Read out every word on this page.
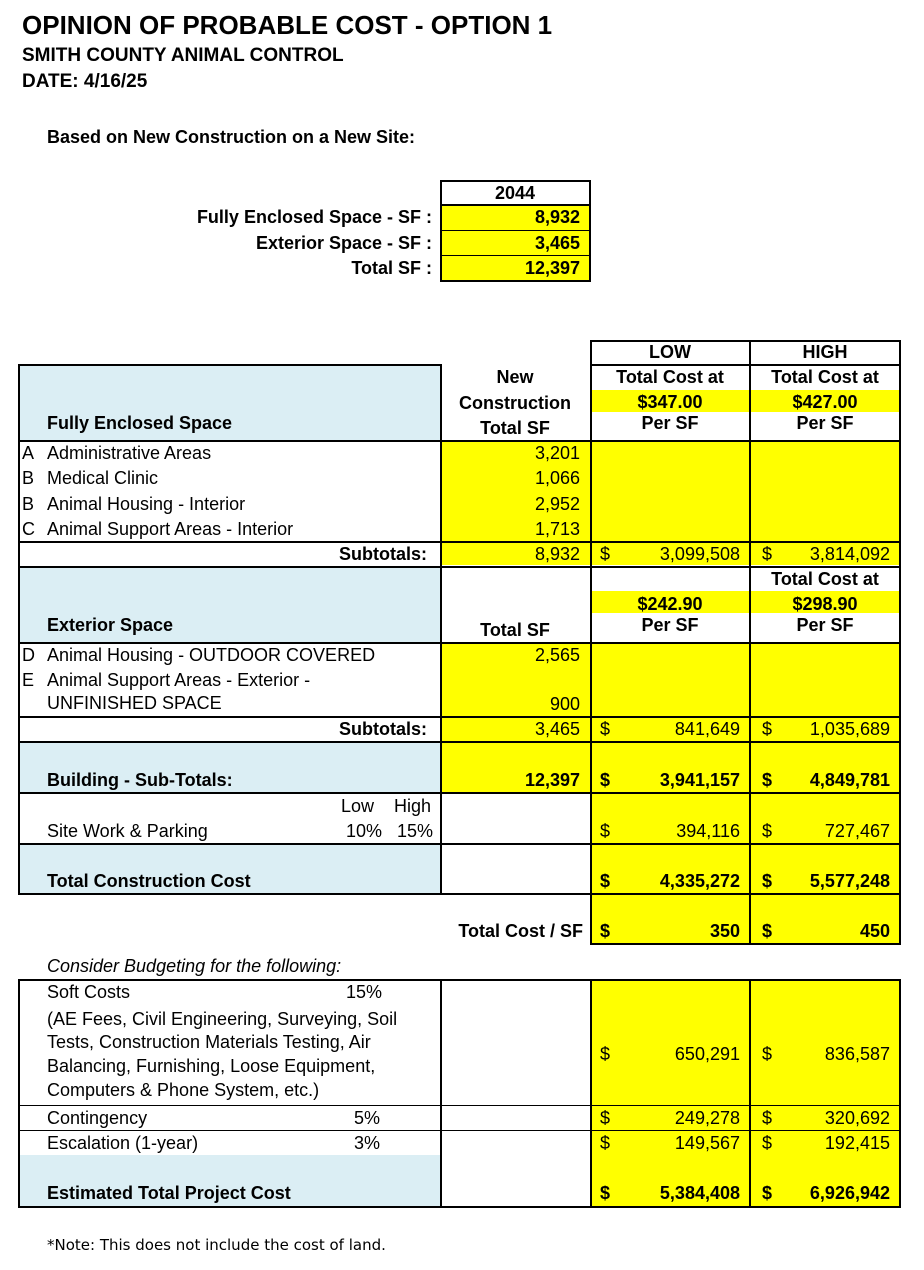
OPINION OF PROBABLE COST - OPTION 1
SMITH COUNTY ANIMAL CONTROL
DATE: 4/16/25
Based on New Construction on a New Site:
2044
Fully Enclosed Space - SF :	8,932
Exterior Space - SF :	3,465
Total SF :	12,397
LOW	HIGH
New
Construction
Total SF
Total Cost at	Total Cost at
$347.00	$427.00
Per SF	Per SF
Fully Enclosed Space
A Administrative Areas	3,201
B Medical Clinic	1,066
B Animal Housing - Interior	2,952
C Animal Support Areas - Interior	1,713
Subtotals:	8,932 $	3,099,508 $	3,814,092
Total Cost at
$242.90	$298.90
Per SF	Per SF
Total SF
Exterior Space
D Animal Housing - OUTDOOR COVERED	2,565
E Animal Support Areas - Exterior -
UNFINISHED SPACE	900
Subtotals:	3,465 $	841,649 $	1,035,689
Building - Sub-Totals:	12,397 $	3,941,157 $	4,849,781
Low High
Site Work & Parking	10% 15%	$	394,116 $	727,467
Total Construction Cost	$	4,335,272 $	5,577,248
Total Cost / SF $	350 $	450
Consider Budgeting for the following:
Soft Costs	15%
(AE Fees, Civil Engineering, Surveying, Soil
Tests, Construction Materials Testing, Air
Balancing, Furnishing, Loose Equipment,
Computers & Phone System, etc.)
$	650,291 $	836,587
Contingency	5%	$	249,278 $	320,692
Escalation (1-year)	3%	$	149,567 $	192,415
Estimated Total Project Cost	$	5,384,408 $	6,926,942
*Note: This does not include the cost of land.
